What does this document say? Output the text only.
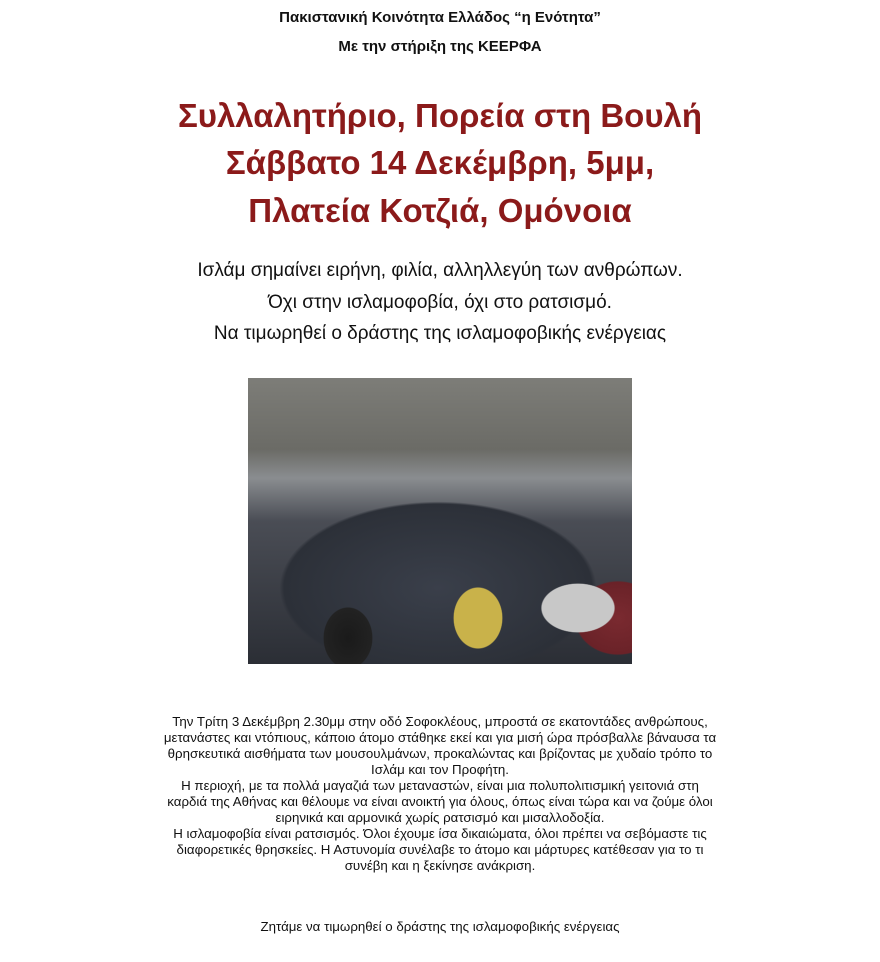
Πακιστανική Κοινότητα Ελλάδος “η Ενότητα”
Με την στήριξη της ΚΕΕΡΦΑ
Συλλαλητήριο, Πορεία στη Βουλή
Σάββατο 14 Δεκέμβρη, 5μμ,
Πλατεία Κοτζιά, Ομόνοια
Ισλάμ σημαίνει ειρήνη, φιλία, αλληλλεγύη των ανθρώπων.
Όχι στην ισλαμοφοβία, όχι στο ρατσισμό.
Να τιμωρηθεί ο δράστης της ισλαμοφοβικής ενέργειας
Την Τρίτη 3 Δεκέμβρη 2.30μμ στην οδό Σοφοκλέους, μπροστά σε εκατοντάδες ανθρώπους,
μετανάστες και ντόπιους, κάποιο άτομο στάθηκε εκεί και για μισή ώρα πρόσβαλλε βάναυσα τα
θρησκευτικά αισθήματα των μουσουλμάνων, προκαλώντας και βρίζοντας με χυδαίο τρόπο το
Ισλάμ και τον Προφήτη.
Η περιοχή, με τα πολλά μαγαζιά των μεταναστών, είναι μια πολυπολιτισμική γειτονιά στη
καρδιά της Αθήνας και θέλουμε να είναι ανοικτή για όλους, όπως είναι τώρα και να ζούμε όλοι
ειρηνικά και αρμονικά χωρίς ρατσισμό και μισαλλοδοξία.
Η ισλαμοφοβία είναι ρατσισμός. Όλοι έχουμε ίσα δικαιώματα, όλοι πρέπει να σεβόμαστε τις
διαφορετικές θρησκείες. Η Αστυνομία συνέλαβε το άτομο και μάρτυρες κατέθεσαν για το τι
συνέβη και η ξεκίνησε ανάκριση.
Ζητάμε να τιμωρηθεί ο δράστης της ισλαμοφοβικής ενέργειας
